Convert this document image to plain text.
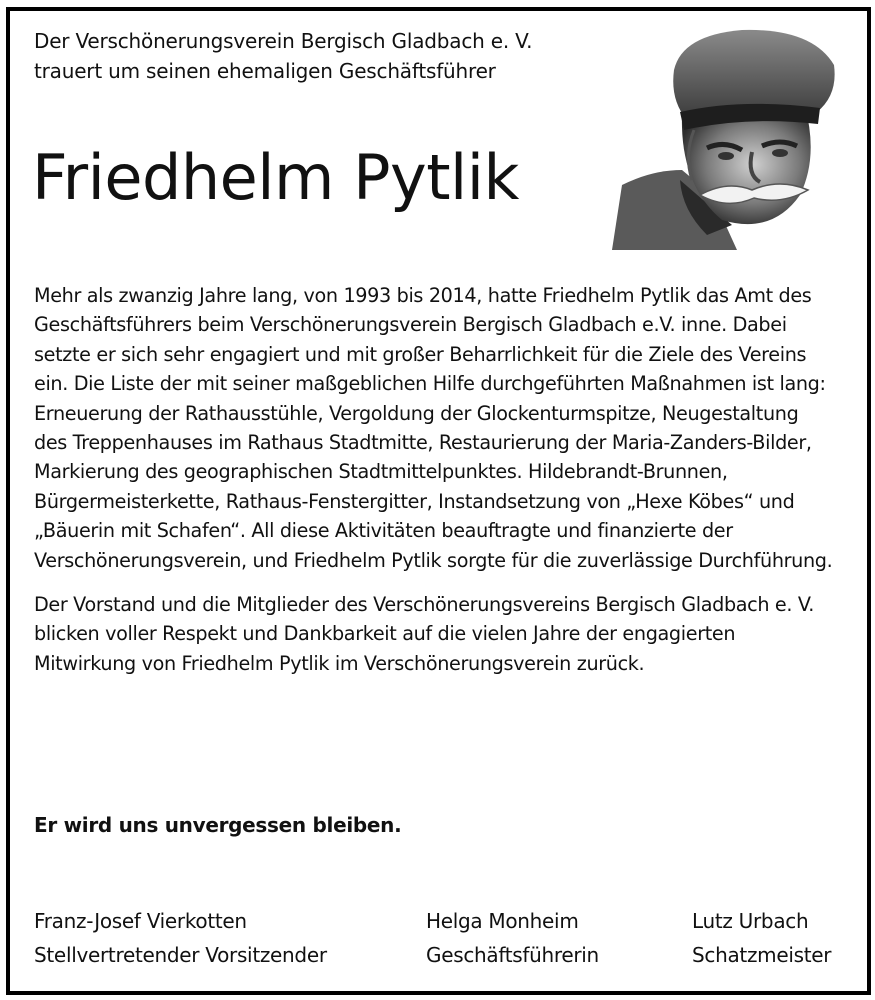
Der Verschönerungsverein Bergisch Gladbach e. V.
trauert um seinen ehemaligen Geschäftsführer
Friedhelm Pytlik

Mehr als zwanzig Jahre lang, von 1993 bis 2014, hatte Friedhelm Pytlik das Amt des Geschäftsführers beim Verschönerungsverein Bergisch Gladbach e.V. inne. Dabei setzte er sich sehr engagiert und mit großer Beharrlichkeit für die Ziele des Vereins ein. Die Liste der mit seiner maßgeblichen Hilfe durchgeführten Maßnahmen ist lang: Erneuerung der Rathausstühle, Vergoldung der Glockenturmspitze, Neugestaltung des Treppenhauses im Rathaus Stadtmitte, Restaurierung der Maria-Zanders-Bilder, Markierung des geographischen Stadtmittelpunktes. Hildebrandt-Brunnen, Bürgermeisterkette, Rathaus-Fenstergitter, Instandsetzung von „Hexe Köbes“ und „Bäuerin mit Schafen“. All diese Aktivitäten beauftragte und finanzierte der Verschönerungsverein, und Friedhelm Pytlik sorgte für die zuverlässige Durchführung.

Der Vorstand und die Mitglieder des Verschönerungsvereins Bergisch Gladbach e. V. blicken voller Respekt und Dankbarkeit auf die vielen Jahre der engagierten Mitwirkung von Friedhelm Pytlik im Verschönerungsverein zurück.

Er wird uns unvergessen bleiben.
Franz-Josef Vierkotten
Stellvertretender Vorsitzender
Helga Monheim
Geschäftsführerin
Lutz Urbach
Schatzmeister
